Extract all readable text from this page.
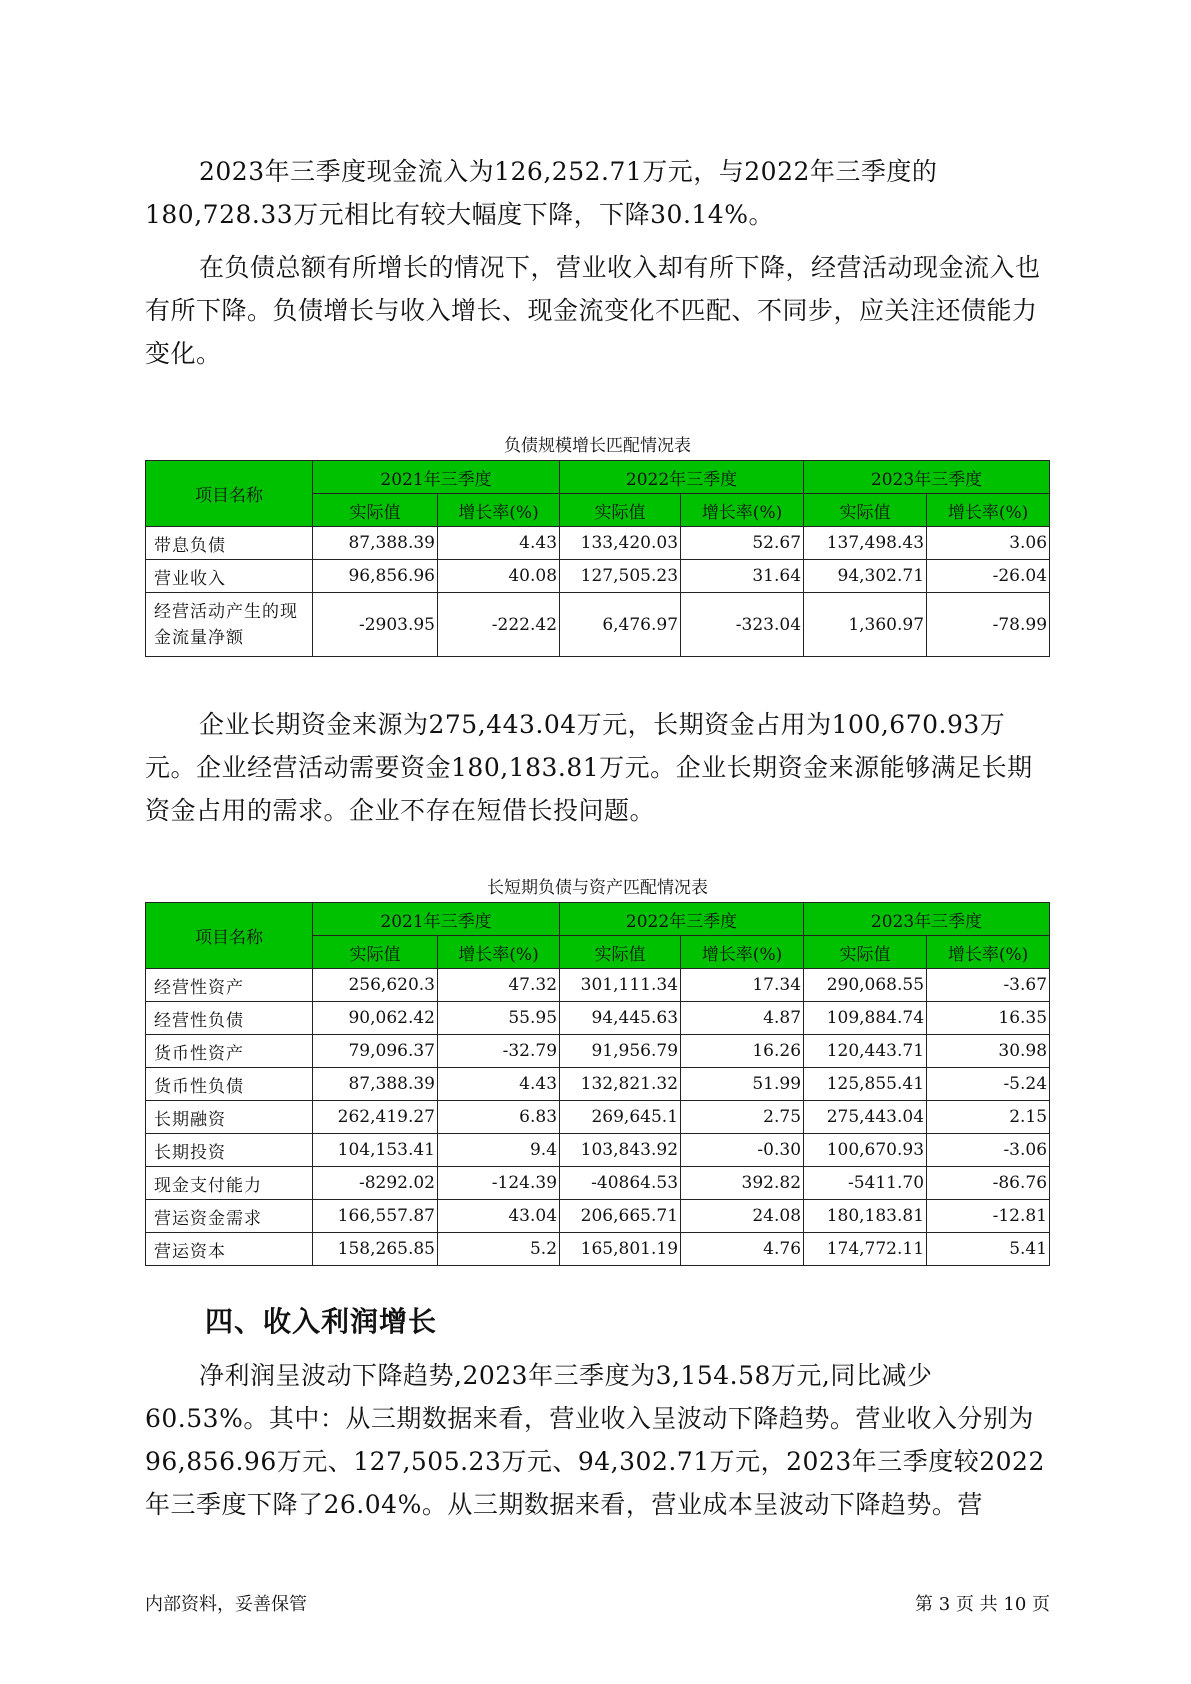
2023年三季度现金流入为126,252.71万元，与2022年三季度的180,728.33万元相比有较大幅度下降，下降30.14%。

在负债总额有所增长的情况下，营业收入却有所下降，经营活动现金流入也有所下降。负债增长与收入增长、现金流变化不匹配、不同步，应关注还债能力变化。

负债规模增长匹配情况表

项目名称	2021年三季度		2022年三季度		2023年三季度	
	实际值	增长率(%)	实际值	增长率(%)	实际值	增长率(%)
带息负债	87,388.39	4.43	133,420.03	52.67	137,498.43	3.06
营业收入	96,856.96	40.08	127,505.23	31.64	94,302.71	-26.04
经营活动产生的现金流量净额	-2903.95	-222.42	6,476.97	-323.04	1,360.97	-78.99

企业长期资金来源为275,443.04万元，长期资金占用为100,670.93万元。企业经营活动需要资金180,183.81万元。企业长期资金来源能够满足长期资金占用的需求。企业不存在短借长投问题。

长短期负债与资产匹配情况表

项目名称	2021年三季度		2022年三季度		2023年三季度	
	实际值	增长率(%)	实际值	增长率(%)	实际值	增长率(%)
经营性资产	256,620.3	47.32	301,111.34	17.34	290,068.55	-3.67
经营性负债	90,062.42	55.95	94,445.63	4.87	109,884.74	16.35
货币性资产	79,096.37	-32.79	91,956.79	16.26	120,443.71	30.98
货币性负债	87,388.39	4.43	132,821.32	51.99	125,855.41	-5.24
长期融资	262,419.27	6.83	269,645.1	2.75	275,443.04	2.15
长期投资	104,153.41	9.4	103,843.92	-0.30	100,670.93	-3.06
现金支付能力	-8292.02	-124.39	-40864.53	392.82	-5411.70	-86.76
营运资金需求	166,557.87	43.04	206,665.71	24.08	180,183.81	-12.81
营运资本	158,265.85	5.2	165,801.19	4.76	174,772.11	5.41
四、收入利润增长

净利润呈波动下降趋势,2023年三季度为3,154.58万元,同比减少60.53%。其中：从三期数据来看，营业收入呈波动下降趋势。营业收入分别为96,856.96万元、127,505.23万元、94,302.71万元，2023年三季度较2022年三季度下降了26.04%。从三期数据来看，营业成本呈波动下降趋势。营

内部资料，妥善保管	第 3 页 共 10 页
